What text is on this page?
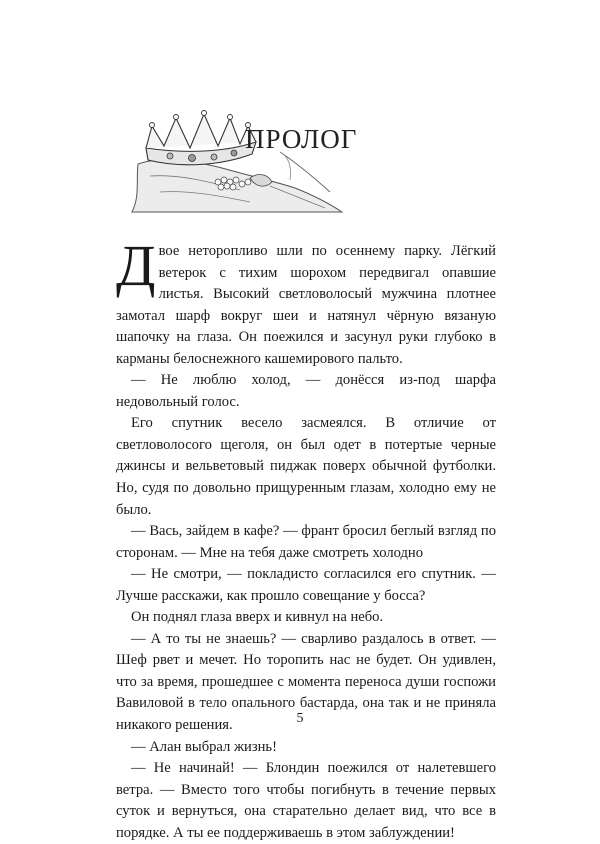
ПРОЛОГ

Двое неторопливо шли по осеннему парку. Лёгкий ветерок с тихим шорохом передвигал опавшие листья. Высокий светловолосый мужчина плотнее замотал шарф вокруг шеи и натянул чёрную вязаную шапочку на глаза. Он поежился и засунул руки глубоко в карманы белоснежного кашемирового пальто.

— Не люблю холод, — донёсся из-под шарфа недовольный голос.

Его спутник весело засмеялся. В отличие от светловолосого щеголя, он был одет в потертые черные джинсы и вельветовый пиджак поверх обычной футболки. Но, судя по довольно прищуренным глазам, холодно ему не было.

— Вась, зайдем в кафе? — франт бросил беглый взгляд по сторонам. — Мне на тебя даже смотреть холодно

— Не смотри, — покладисто согласился его спутник. — Лучше расскажи, как прошло совещание у босса?

Он поднял глаза вверх и кивнул на небо.

— А то ты не знаешь? — сварливо раздалось в ответ. — Шеф рвет и мечет. Но торопить нас не будет. Он удивлен, что за время, прошедшее с момента переноса души госпожи Вавиловой в тело опального бастарда, она так и не приняла никакого решения.

— Алан выбрал жизнь!

— Не начинай! — Блондин поежился от налетевшего ветра. — Вместо того чтобы погибнуть в течение первых суток и вернуться, она старательно делает вид, что все в порядке. А ты ее поддерживаешь в этом заблуждении!

5
